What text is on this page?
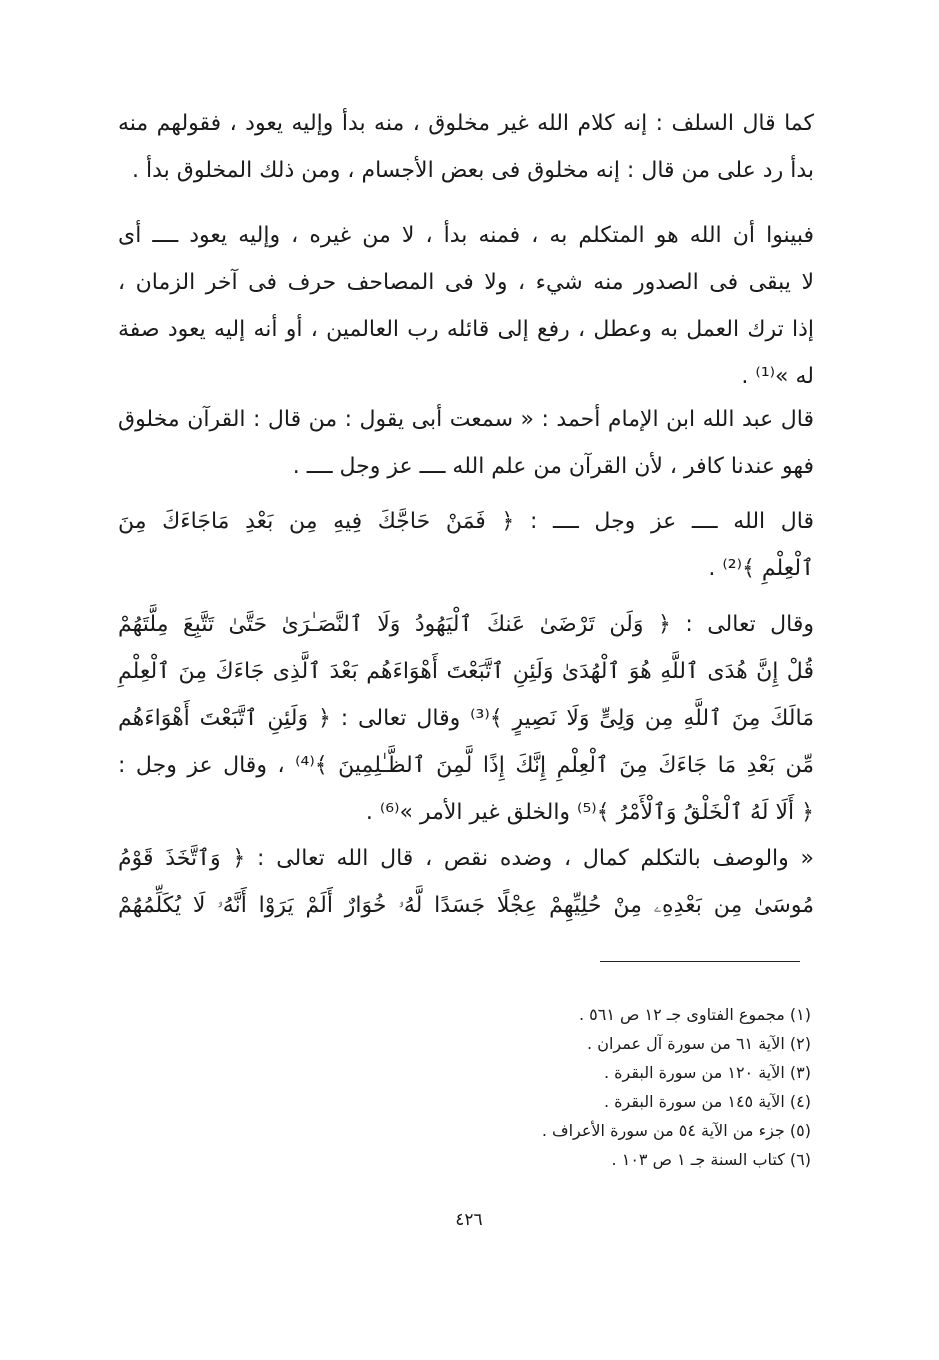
كما قال السلف : إنه كلام الله غير مخلوق ، منه بدأ وإليه يعود ، فقولهم منه
بدأ رد على من قال : إنه مخلوق فى بعض الأجسام ، ومن ذلك المخلوق بدأ .
فبينوا أن الله هو المتكلم به ، فمنه بدأ ، لا من غيره ، وإليه يعود ــــ أى
لا يبقى فى الصدور منه شيء ، ولا فى المصاحف حرف فى آخر الزمان ،
إذا ترك العمل به وعطل ، رفع إلى قائله رب العالمين ، أو أنه إليه يعود صفة
له »⁽¹⁾ .
قال عبد الله ابن الإمام أحمد : « سمعت أبى يقول : من قال : القرآن مخلوق
فهو عندنا كافر ، لأن القرآن من علم الله ــــ عز وجل ــــ .
قال الله ــــ عز وجل ــــ : ﴿ فَمَنْ حَاجَّكَ فِيهِ مِن بَعْدِ مَاجَاءَكَ مِنَ
ٱلْعِلْمِ ﴾⁽²⁾ .
وقال تعالى : ﴿ وَلَن تَرْضَىٰ عَنكَ ٱلْيَهُودُ وَلَا ٱلنَّصَـٰرَىٰ حَتَّىٰ تَتَّبِعَ مِلَّتَهُمْ
قُلْ إِنَّ هُدَى ٱللَّهِ هُوَ ٱلْهُدَىٰ وَلَئِنِ ٱتَّبَعْتَ أَهْوَاءَهُم بَعْدَ ٱلَّذِى جَاءَكَ مِنَ ٱلْعِلْمِ
مَالَكَ مِنَ ٱللَّهِ مِن وَلِىٍّ وَلَا نَصِيرٍ ﴾⁽³⁾ وقال تعالى : ﴿ وَلَئِنِ ٱتَّبَعْتَ أَهْوَاءَهُم
مِّن بَعْدِ مَا جَاءَكَ مِنَ ٱلْعِلْمِ إِنَّكَ إِذًا لَّمِنَ ٱلظَّـٰلِمِينَ ﴾⁽⁴⁾ ، وقال عز وجل :
﴿ أَلَا لَهُ ٱلْخَلْقُ وَٱلْأَمْرُ ﴾⁽⁵⁾ والخلق غير الأمر »⁽⁶⁾ .
« والوصف بالتكلم كمال ، وضده نقص ، قال الله تعالى : ﴿ وَٱتَّخَذَ قَوْمُ
مُوسَىٰ مِن بَعْدِهِۦ مِنْ حُلِيِّهِمْ عِجْلًا جَسَدًا لَّهُۥ خُوَارٌ أَلَمْ يَرَوْا أَنَّهُۥ لَا يُكَلِّمُهُمْ
(١) مجموع الفتاوى جـ ١٢ ص ٥٦١ .
(٢) الآية ٦١ من سورة آل عمران .
(٣) الآية ١٢٠ من سورة البقرة .
(٤) الآية ١٤٥ من سورة البقرة .
(٥) جزء من الآية ٥٤ من سورة الأعراف .
(٦) كتاب السنة جـ ١ ص ١٠٣ .
٤٢٦
